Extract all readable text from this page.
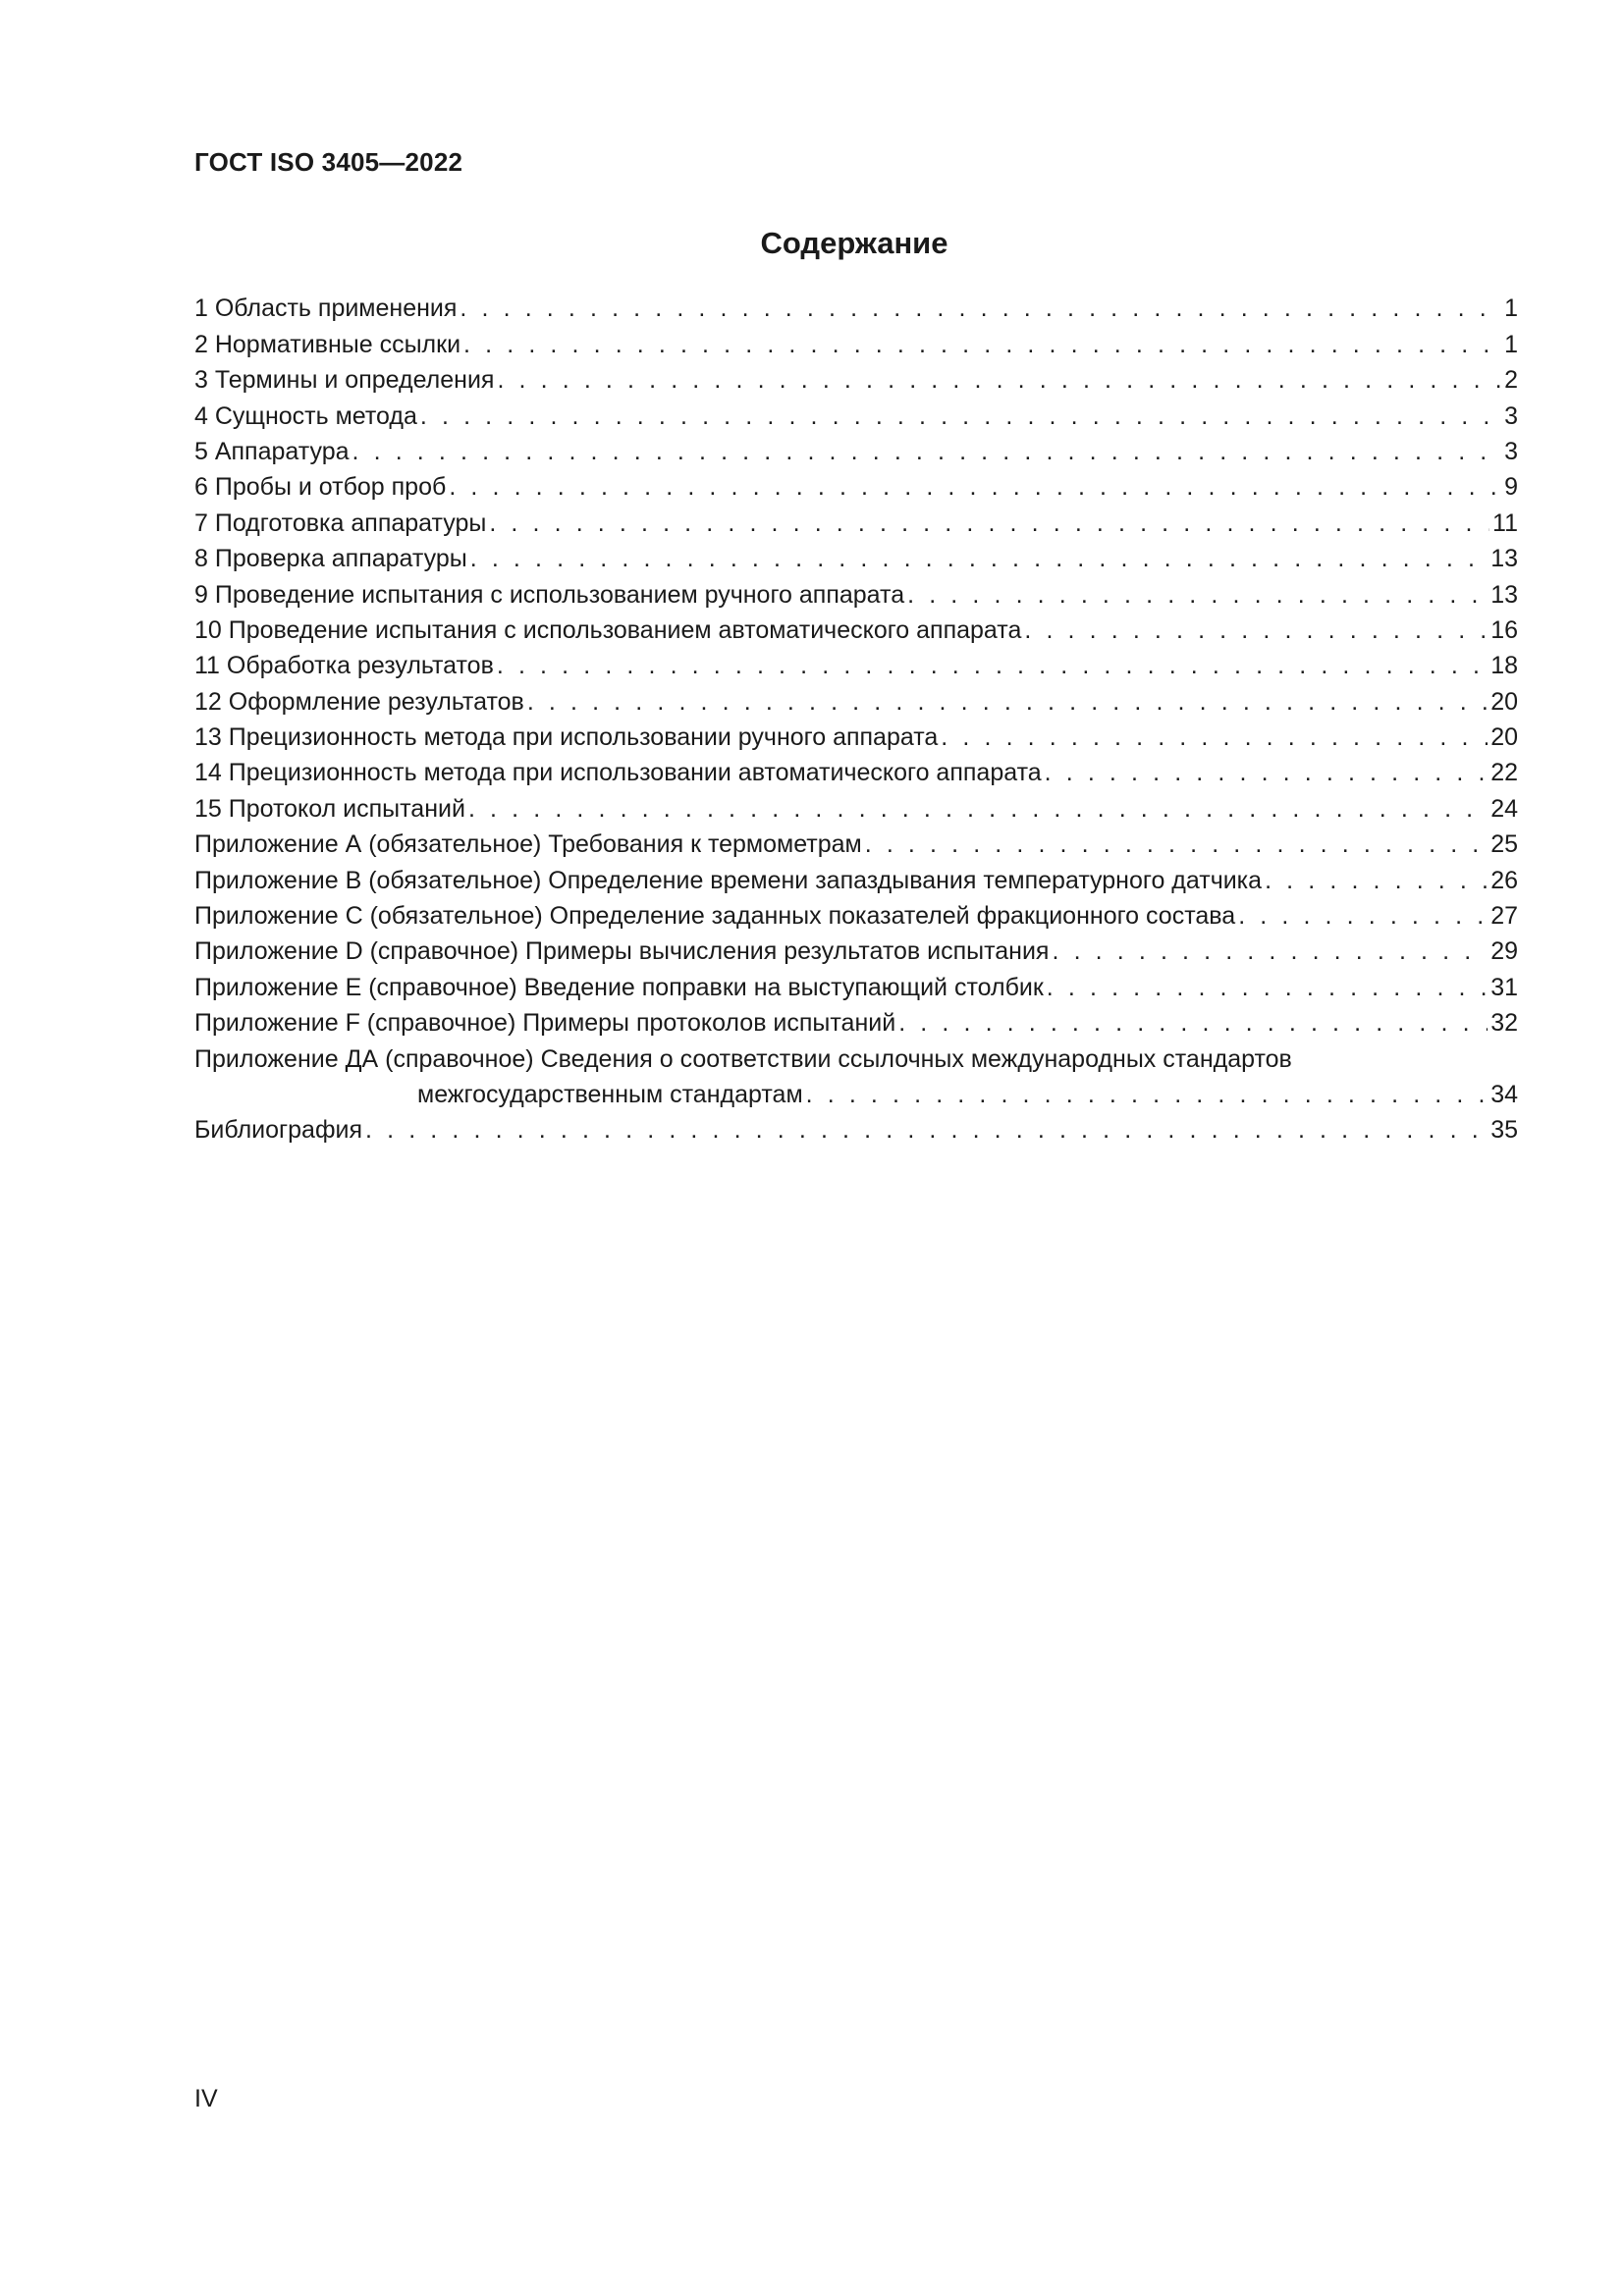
ГОСТ ISO 3405—2022
Содержание
1 Область применения . . .	1
2 Нормативные ссылки . . .	1
3 Термины и определения . . .	2
4 Сущность метода . . .	3
5 Аппаратура . . .	3
6 Пробы и отбор проб . . .	9
7 Подготовка аппаратуры . . .	11
8 Проверка аппаратуры . . .	13
9 Проведение испытания с использованием ручного аппарата . . .	13
10 Проведение испытания с использованием автоматического аппарата . . .	16
11 Обработка результатов . . .	18
12 Оформление результатов . . .	20
13 Прецизионность метода при использовании ручного аппарата . . .	20
14 Прецизионность метода при использовании автоматического аппарата . . .	22
15 Протокол испытаний . . .	24
Приложение А (обязательное) Требования к термометрам . . .	25
Приложение В (обязательное) Определение времени запаздывания температурного датчика . . .	26
Приложение С (обязательное) Определение заданных показателей фракционного состава . . .	27
Приложение D (справочное) Примеры вычисления результатов испытания . . .	29
Приложение Е (справочное) Введение поправки на выступающий столбик . . .	31
Приложение F (справочное) Примеры протоколов испытаний . . .	32
Приложение ДА (справочное) Сведения о соответствии ссылочных международных стандартов
межгосударственным стандартам . . .	34
Библиография . . .	35
IV
